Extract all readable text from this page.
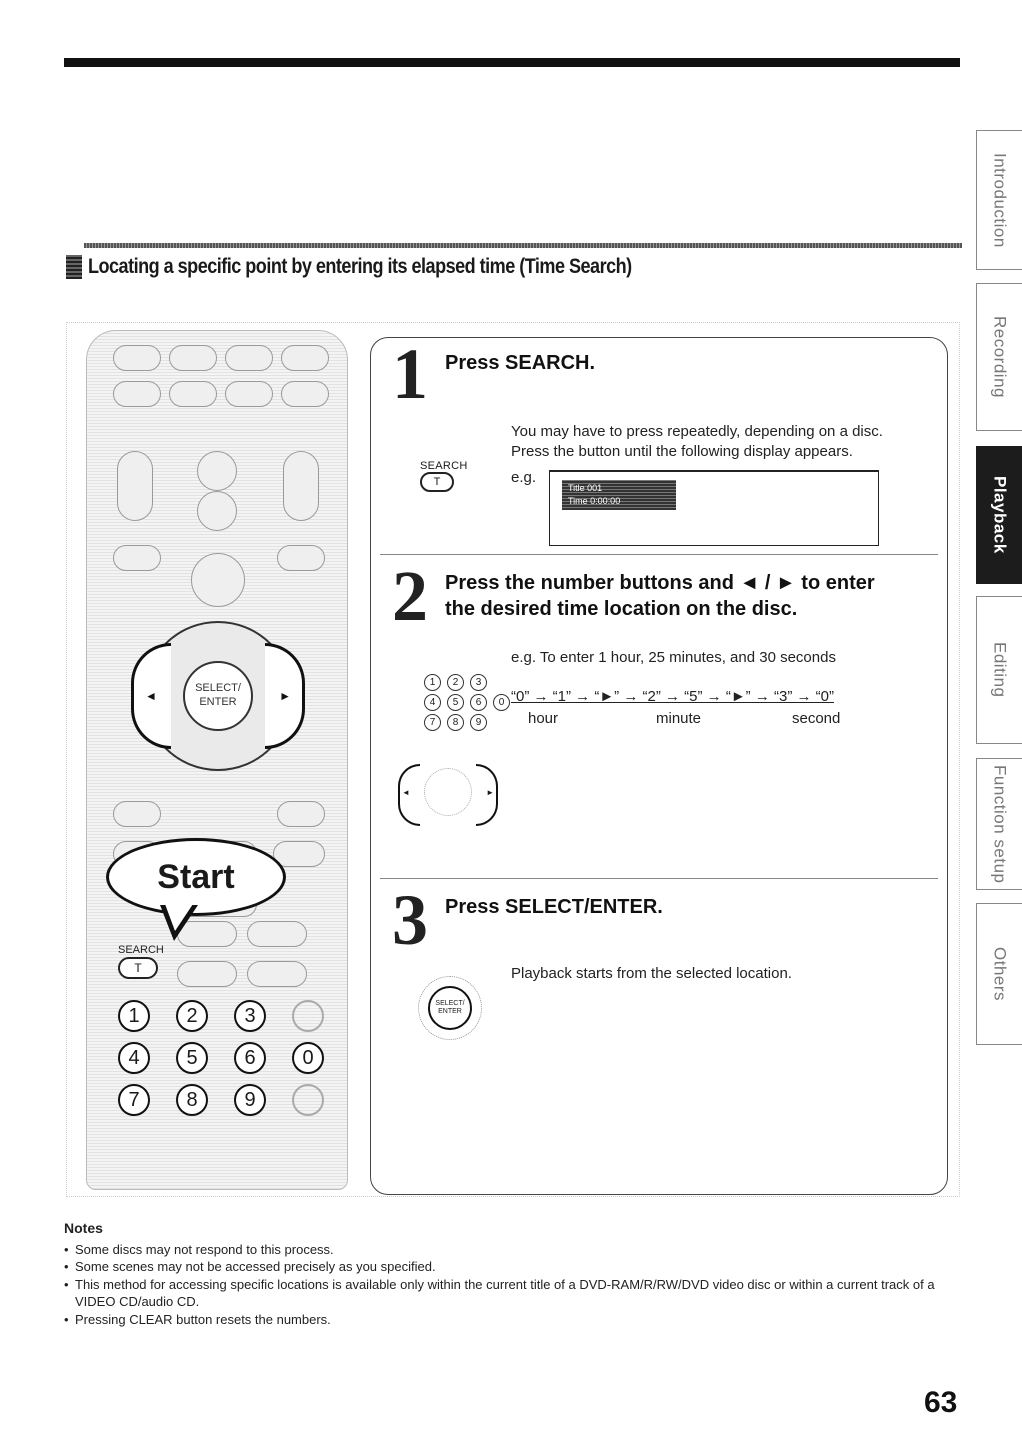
Locating a specific point by entering its elapsed time (Time Search)
Introduction
Recording
Playback
Editing
Function setup
Others
◄	►
SELECT/
ENTER
Start
SEARCH
T
1	2	3
4	5	6	0
7	8	9
1 Press SEARCH.
You may have to press repeatedly, depending on a disc.
Press the button until the following display appears.
e.g.
SEARCH
T	Title 001
Time 0:00:00
2 Press the number buttons and ◄ / ► to enter
the desired time location on the disc.
e.g. To enter 1 hour, 25 minutes, and 30 seconds
1	2	3
4	5	6	0
7	8	9
“0” → “1” → “►” → “2” → “5” → “►” → “3” → “0”
hour	minute	second
◄	►
3 Press SELECT/ENTER.
Playback starts from the selected location.
SELECT/ ENTER
Notes
• Some discs may not respond to this process.
• Some scenes may not be accessed precisely as you specified.
• This method for accessing specific locations is available only within the current title of a DVD-RAM/R/RW/DVD video disc or within a current track of a VIDEO CD/audio CD.
• Pressing CLEAR button resets the numbers.
63
